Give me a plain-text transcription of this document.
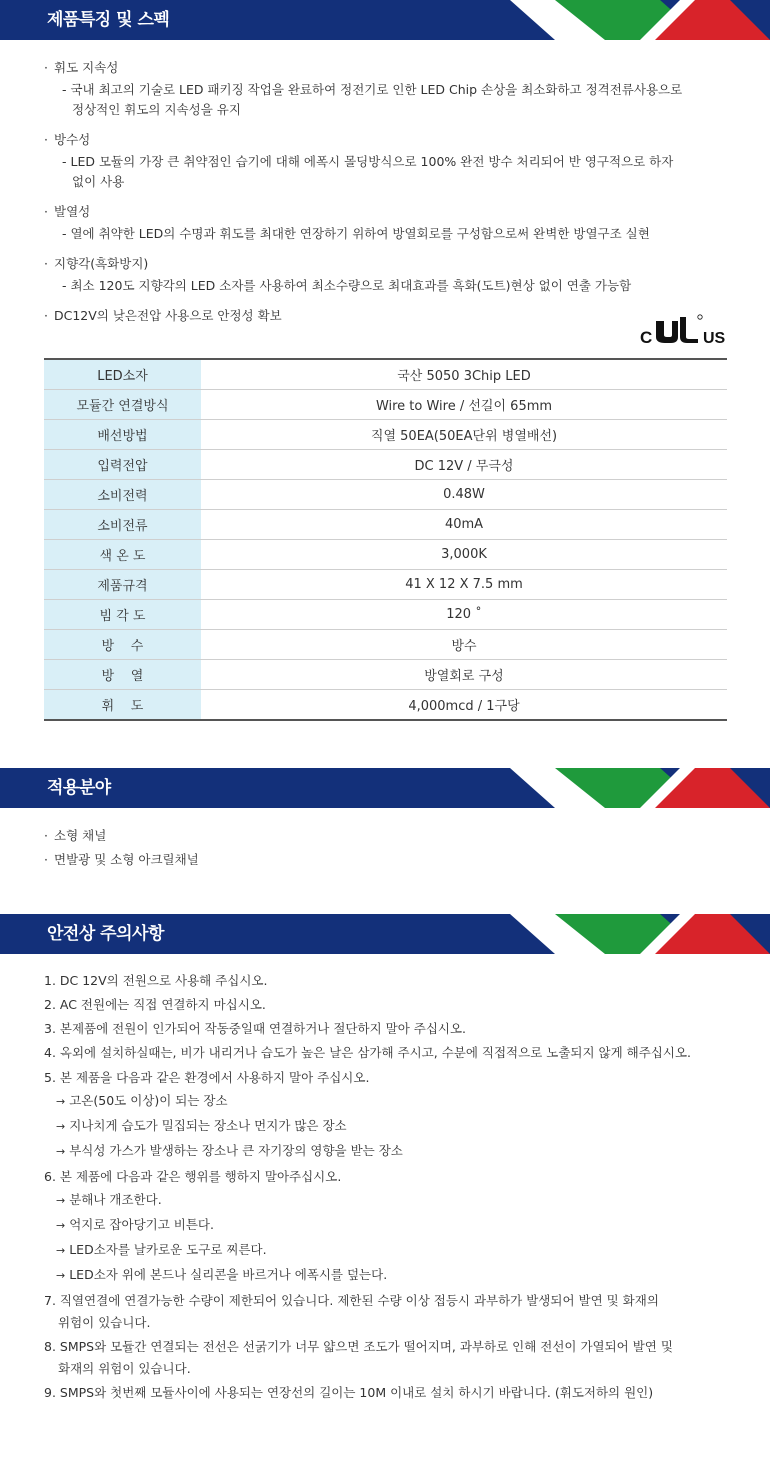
제품특징 및 스펙
· 휘도 지속성
- 국내 최고의 기술로 LED 패키징 작업을 완료하여 정전기로 인한 LED Chip 손상을 최소화하고 정격전류사용으로
정상적인 휘도의 지속성을 유지
· 방수성
- LED 모듈의 가장 큰 취약점인 습기에 대해 에폭시 몰딩방식으로 100% 완전 방수 처리되어 반 영구적으로 하자
없이 사용
· 발열성
- 열에 취약한 LED의 수명과 휘도를 최대한 연장하기 위하여 방열회로를 구성함으로써 완벽한 방열구조 실현
· 지향각(흑화방지)
- 최소 120도 지향각의 LED 소자를 사용하여 최소수량으로 최대효과를 흑화(도트)현상 없이 연출 가능함
· DC12V의 낮은전압 사용으로 안정성 확보
C	US
LED소자	국산 5050 3Chip LED
모듈간 연결방식	Wire to Wire / 선길이 65mm
배선방법	직열 50EA(50EA단위 병열배선)
입력전압	DC 12V / 무극성
소비전력	0.48W
소비전류	40mA
색 온 도	3,000K
제품규격	41 X 12 X 7.5 mm
빔 각 도	120 ˚
방    수	방수
방    열	방열회로 구성
휘    도	4,000mcd / 1구당
적용분야
· 소형 채널
· 면발광 및 소형 아크릴채널
안전상 주의사항
1. DC 12V의 전원으로 사용해 주십시오.
2. AC 전원에는 직접 연결하지 마십시오.
3. 본제품에 전원이 인가되어 작동중일때 연결하거나 절단하지 말아 주십시오.
4. 옥외에 설치하실때는, 비가 내리거나 습도가 높은 날은 삼가해 주시고, 수분에 직접적으로 노출되지 않게 해주십시오.
5. 본 제품을 다음과 같은 환경에서 사용하지 말아 주십시오.
→ 고온(50도 이상)이 되는 장소
→ 지나치게 습도가 밀집되는 장소나 먼지가 많은 장소
→ 부식성 가스가 발생하는 장소나 큰 자기장의 영향을 받는 장소
6. 본 제품에 다음과 같은 행위를 행하지 말아주십시오.
→ 분해나 개조한다.
→ 억지로 잡아당기고 비튼다.
→ LED소자를 날카로운 도구로 찌른다.
→ LED소자 위에 본드나 실리콘을 바르거나 에폭시를 덮는다.
7. 직열연결에 연결가능한 수량이 제한되어 있습니다. 제한된 수량 이상 접등시 과부하가 발생되어 발연 및 화재의
위험이 있습니다.
8. SMPS와 모듈간 연결되는 전선은 선굵기가 너무 얇으면 조도가 떨어지며, 과부하로 인해 전선이 가열되어 발연 및
화재의 위험이 있습니다.
9. SMPS와 첫번째 모듈사이에 사용되는 연장선의 길이는 10M 이내로 설치 하시기 바랍니다. (휘도저하의 원인)
